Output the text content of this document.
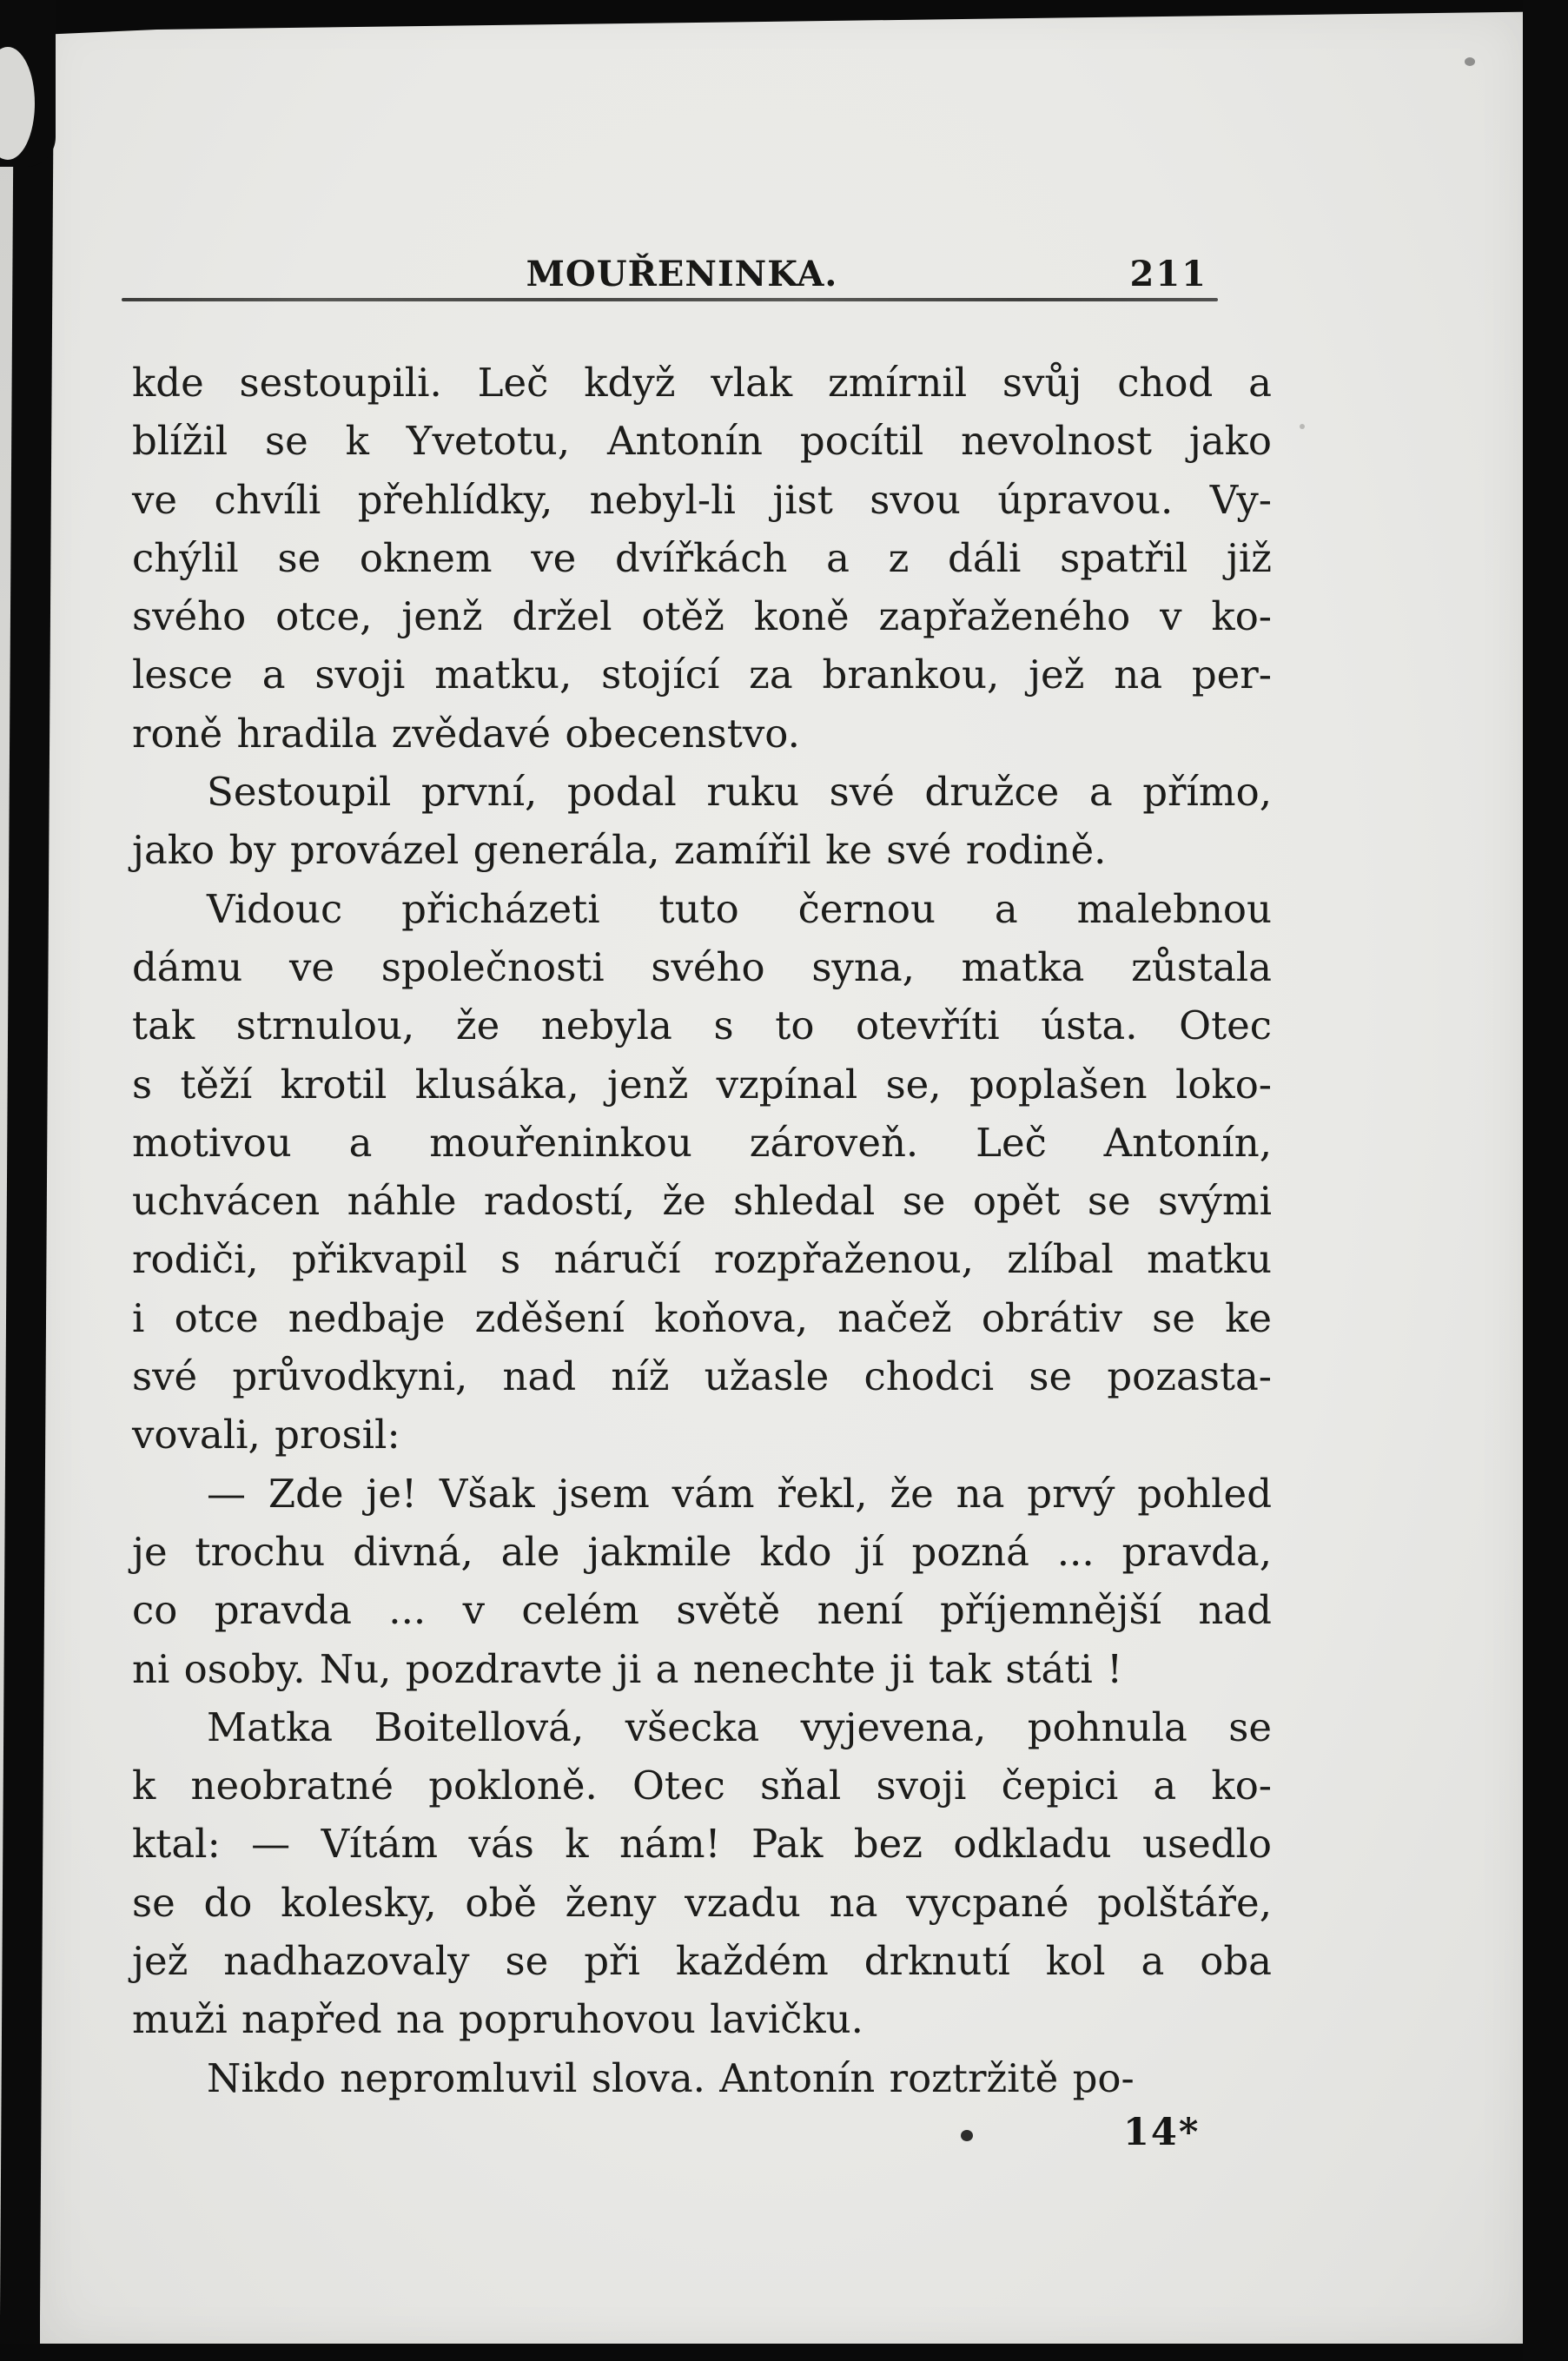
MOUŘENINKA.	211
kde sestoupili. Leč když vlak zmírnil svůj chod a
blížil se k Yvetotu, Antonín pocítil nevolnost jako
ve chvíli přehlídky, nebyl-li jist svou úpravou. Vy-
chýlil se oknem ve dvířkách a z dáli spatřil již
svého otce, jenž držel otěž koně zapřaženého v ko-
lesce a svoji matku, stojící za brankou, jež na per-
roně hradila zvědavé obecenstvo.
Sestoupil první, podal ruku své družce a přímo,
jako by provázel generála, zamířil ke své rodině.
Vidouc přicházeti tuto černou a malebnou
dámu ve společnosti svého syna, matka zůstala
tak strnulou, že nebyla s to otevříti ústa. Otec
s těží krotil klusáka, jenž vzpínal se, poplašen loko-
motivou a mouřeninkou zároveň. Leč Antonín,
uchvácen náhle radostí, že shledal se opět se svými
rodiči, přikvapil s náručí rozpřaženou, zlíbal matku
i otce nedbaje zděšení koňova, načež obrátiv se ke
své průvodkyni, nad níž užasle chodci se pozasta-
vovali, prosil:
— Zde je! Však jsem vám řekl, že na prvý pohled
je trochu divná, ale jakmile kdo jí pozná ... pravda,
co pravda ... v celém světě není příjemnější nad
ni osoby. Nu, pozdravte ji a nenechte ji tak státi !
Matka Boitellová, všecka vyjevena, pohnula se
k neobratné pokloně. Otec sňal svoji čepici a ko-
ktal: — Vítám vás k nám! Pak bez odkladu usedlo
se do kolesky, obě ženy vzadu na vycpané polštáře,
jež nadhazovaly se při každém drknutí kol a oba
muži napřed na popruhovou lavičku.
Nikdo nepromluvil slova. Antonín roztržitě po-
14*
